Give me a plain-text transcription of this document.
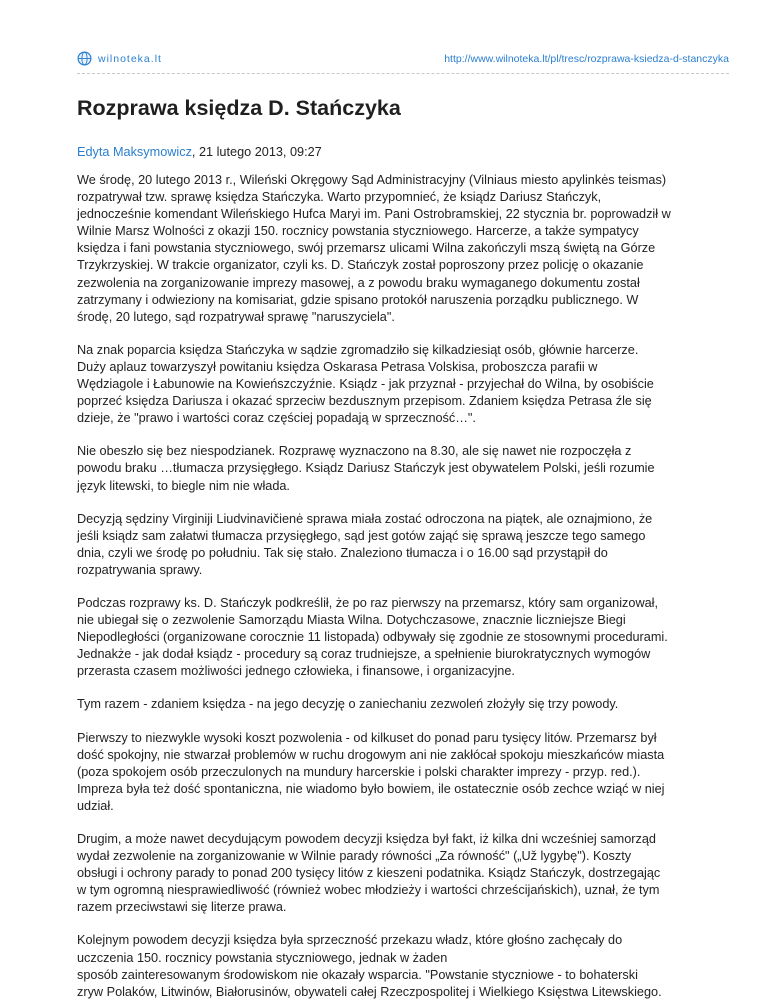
wilnoteka.lt	http://www.wilnoteka.lt/pl/tresc/rozprawa-ksiedza-d-stanczyka
Rozprawa księdza D. Stańczyka
Edyta Maksymowicz, 21 lutego 2013, 09:27
We środę, 20 lutego 2013 r., Wileński Okręgowy Sąd Administracyjny (Vilniaus miesto apylinkės teismas)
rozpatrywał tzw. sprawę księdza Stańczyka. Warto przypomnieć, że ksiądz Dariusz Stańczyk,
jednocześnie komendant Wileńskiego Hufca Maryi im. Pani Ostrobramskiej, 22 stycznia br. poprowadził w
Wilnie Marsz Wolności z okazji 150. rocznicy powstania styczniowego. Harcerze, a także sympatycy
księdza i fani powstania styczniowego, swój przemarsz ulicami Wilna zakończyli mszą świętą na Górze
Trzykrzyskiej. W trakcie organizator, czyli ks. D. Stańczyk został poproszony przez policję o okazanie
zezwolenia na zorganizowanie imprezy masowej, a z powodu braku wymaganego dokumentu został
zatrzymany i odwieziony na komisariat, gdzie spisano protokół naruszenia porządku publicznego. W
środę, 20 lutego, sąd rozpatrywał sprawę "naruszyciela".
Na znak poparcia księdza Stańczyka w sądzie zgromadziło się kilkadziesiąt osób, głównie harcerze.
Duży aplauz towarzyszył powitaniu księdza Oskarasa Petrasa Volskisa, proboszcza parafii w
Wędziagole i Łabunowie na Kowieńszczyźnie. Ksiądz - jak przyznał - przyjechał do Wilna, by osobiście
poprzeć księdza Dariusza i okazać sprzeciw bezdusznym przepisom. Zdaniem księdza Petrasa źle się
dzieje, że "prawo i wartości coraz częściej popadają w sprzeczność…".
Nie obeszło się bez niespodzianek. Rozprawę wyznaczono na 8.30, ale się nawet nie rozpoczęła z
powodu braku …tłumacza przysięgłego. Ksiądz Dariusz Stańczyk jest obywatelem Polski, jeśli rozumie
język litewski, to biegle nim nie włada.
Decyzją sędziny Virginiji Liudvinavičienė sprawa miała zostać odroczona na piątek, ale oznajmiono, że
jeśli ksiądz sam załatwi tłumacza przysięgłego, sąd jest gotów zająć się sprawą jeszcze tego samego
dnia, czyli we środę po południu. Tak się stało. Znaleziono tłumacza i o 16.00 sąd przystąpił do
rozpatrywania sprawy.
Podczas rozprawy ks. D. Stańczyk podkreślił, że po raz pierwszy na przemarsz, który sam organizował,
nie ubiegał się o zezwolenie Samorządu Miasta Wilna. Dotychczasowe, znacznie liczniejsze Biegi
Niepodległości (organizowane corocznie 11 listopada) odbywały się zgodnie ze stosownymi procedurami.
Jednakże - jak dodał ksiądz - procedury są coraz trudniejsze, a spełnienie biurokratycznych wymogów
przerasta czasem możliwości jednego człowieka, i finansowe, i organizacyjne.
Tym razem - zdaniem księdza - na jego decyzję o zaniechaniu zezwoleń złożyły się trzy powody.
Pierwszy to niezwykle wysoki koszt pozwolenia - od kilkuset do ponad paru tysięcy litów. Przemarsz był
dość spokojny, nie stwarzał problemów w ruchu drogowym ani nie zakłócał spokoju mieszkańców miasta
(poza spokojem osób przeczulonych na mundury harcerskie i polski charakter imprezy - przyp. red.).
Impreza była też dość spontaniczna, nie wiadomo było bowiem, ile ostatecznie osób zechce wziąć w niej
udział.
Drugim, a może nawet decydującym powodem decyzji księdza był fakt, iż kilka dni wcześniej samorząd
wydał zezwolenie na zorganizowanie w Wilnie parady równości „Za równość" („Už lygybę"). Koszty
obsługi i ochrony parady to ponad 200 tysięcy litów z kieszeni podatnika. Ksiądz Stańczyk, dostrzegając
w tym ogromną niesprawiedliwość (również wobec młodzieży i wartości chrześcijańskich), uznał, że tym
razem przeciwstawi się literze prawa.
Kolejnym powodem decyzji księdza była sprzeczność przekazu władz, które głośno zachęcały do
uczczenia 150. rocznicy powstania styczniowego, jednak w żaden
sposób zainteresowanym środowiskom nie okazały wsparcia. "Powstanie styczniowe - to bohaterski
zryw Polaków, Litwinów, Białorusinów, obywateli całej Rzeczpospolitej i Wielkiego Księstwa Litewskiego.
